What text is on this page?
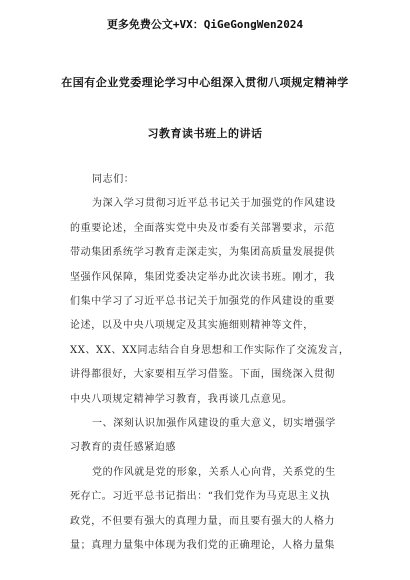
更多免费公文+VX：QiGeGongWen2024
在国有企业党委理论学习中心组深入贯彻八项规定精神学
习教育读书班上的讲话

同志们：

为深入学习贯彻习近平总书记关于加强党的作风建设

的重要论述，全面落实党中央及市委有关部署要求，示范

带动集团系统学习教育走深走实，为集团高质量发展提供

坚强作风保障，集团党委决定举办此次读书班。刚才，我

们集中学习了习近平总书记关于加强党的作风建设的重要

论述，以及中央八项规定及其实施细则精神等文件，

XX、XX、XX同志结合自身思想和工作实际作了交流发言，

讲得都很好，大家要相互学习借鉴。下面，围绕深入贯彻

中央八项规定精神学习教育，我再谈几点意见。

一、深刻认识加强作风建设的重大意义，切实增强学

习教育的责任感紧迫感

党的作风就是党的形象，关系人心向背，关系党的生

死存亡。习近平总书记指出：“我们党作为马克思主义执

政党，不但要有强大的真理力量，而且要有强大的人格力

量；真理力量集中体现为我们党的正确理论，人格力量集
